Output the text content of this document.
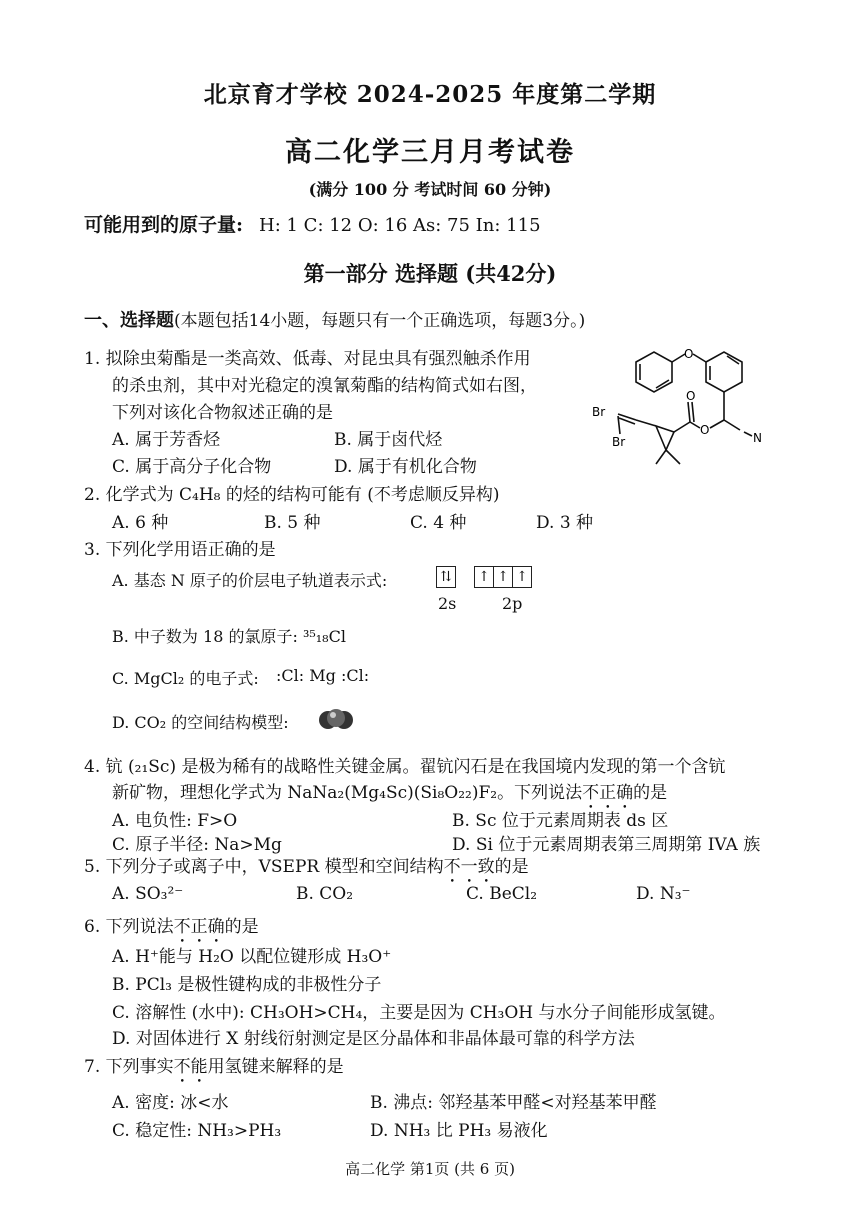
北京育才学校 2024-2025 年度第二学期
高二化学三月月考试卷
(满分 100 分 考试时间 60 分钟)
可能用到的原子量: H: 1 C: 12 O: 16 As: 75 In: 115
第一部分 选择题 (共42分)
一、选择题(本题包括14小题，每题只有一个正确选项，每题3分。)
1. 拟除虫菊酯是一类高效、低毒、对昆虫具有强烈触杀作用
的杀虫剂，其中对光稳定的溴氰菊酯的结构简式如右图，
下列对该化合物叙述正确的是
A. 属于芳香烃	B. 属于卤代烃
C. 属于高分子化合物	D. 属于有机化合物
O
O
O
N
Br
Br
2. 化学式为 C₄H₈ 的烃的结构可能有 (不考虑顺反异构)
A. 6 种	B. 5 种	C. 4 种	D. 3 种
3. 下列化学用语正确的是
A. 基态 N 原子的价层电子轨道表示式:	⇅ ↑ ↑ ↑
2s	2p
B. 中子数为 18 的氯原子: ³⁵₁₈Cl
C. MgCl₂ 的电子式: :Cl: Mg :Cl:
D. CO₂ 的空间结构模型:
4. 钪 (₂₁Sc) 是极为稀有的战略性关键金属。翟钪闪石是在我国境内发现的第一个含钪
新矿物，理想化学式为 NaNa₂(Mg₄Sc)(Si₈O₂₂)F₂。下列说法不正确的是
A. 电负性: F>O	B. Sc 位于元素周期表 ds 区
C. 原子半径: Na>Mg	D. Si 位于元素周期表第三周期第 IVA 族
5. 下列分子或离子中，VSEPR 模型和空间结构不一致的是
A. SO₃²⁻	B. CO₂	C. BeCl₂	D. N₃⁻
6. 下列说法不正确的是
A. H⁺能与 H₂O 以配位键形成 H₃O⁺
B. PCl₃ 是极性键构成的非极性分子
C. 溶解性 (水中): CH₃OH>CH₄，主要是因为 CH₃OH 与水分子间能形成氢键。
D. 对固体进行 X 射线衍射测定是区分晶体和非晶体最可靠的科学方法
7. 下列事实不能用氢键来解释的是
A. 密度: 冰<水	B. 沸点: 邻羟基苯甲醛<对羟基苯甲醛
C. 稳定性: NH₃>PH₃	D. NH₃ 比 PH₃ 易液化
高二化学 第1页 (共 6 页)
